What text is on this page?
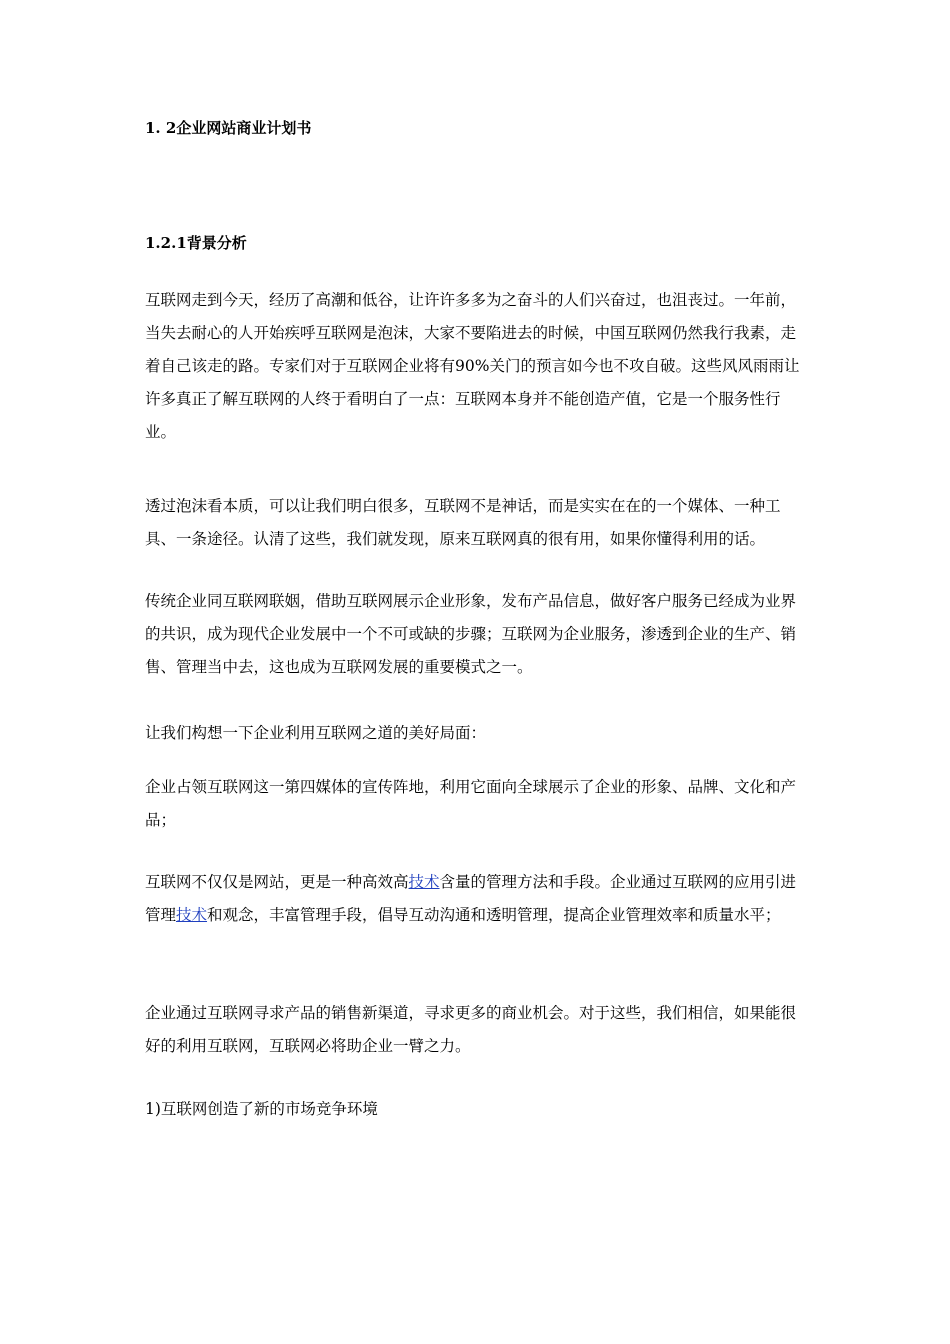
1. 2企业网站商业计划书
1.2.1背景分析
互联网走到今天，经历了高潮和低谷，让许许多多为之奋斗的人们兴奋过，也沮丧过。一年前，当失去耐心的人开始疾呼互联网是泡沫，大家不要陷进去的时候，中国互联网仍然我行我素，走着自己该走的路。专家们对于互联网企业将有90%关门的预言如今也不攻自破。这些风风雨雨让许多真正了解互联网的人终于看明白了一点：互联网本身并不能创造产值，它是一个服务性行业。
透过泡沫看本质，可以让我们明白很多，互联网不是神话，而是实实在在的一个媒体、一种工具、一条途径。认清了这些，我们就发现，原来互联网真的很有用，如果你懂得利用的话。
传统企业同互联网联姻，借助互联网展示企业形象，发布产品信息，做好客户服务已经成为业界的共识，成为现代企业发展中一个不可或缺的步骤；互联网为企业服务，渗透到企业的生产、销售、管理当中去，这也成为互联网发展的重要模式之一。
让我们构想一下企业利用互联网之道的美好局面：
企业占领互联网这一第四媒体的宣传阵地，利用它面向全球展示了企业的形象、品牌、文化和产品；
互联网不仅仅是网站，更是一种高效高技术含量的管理方法和手段。企业通过互联网的应用引进管理技术和观念，丰富管理手段，倡导互动沟通和透明管理，提高企业管理效率和质量水平；
企业通过互联网寻求产品的销售新渠道，寻求更多的商业机会。对于这些，我们相信，如果能很好的利用互联网，互联网必将助企业一臂之力。
1)互联网创造了新的市场竞争环境
